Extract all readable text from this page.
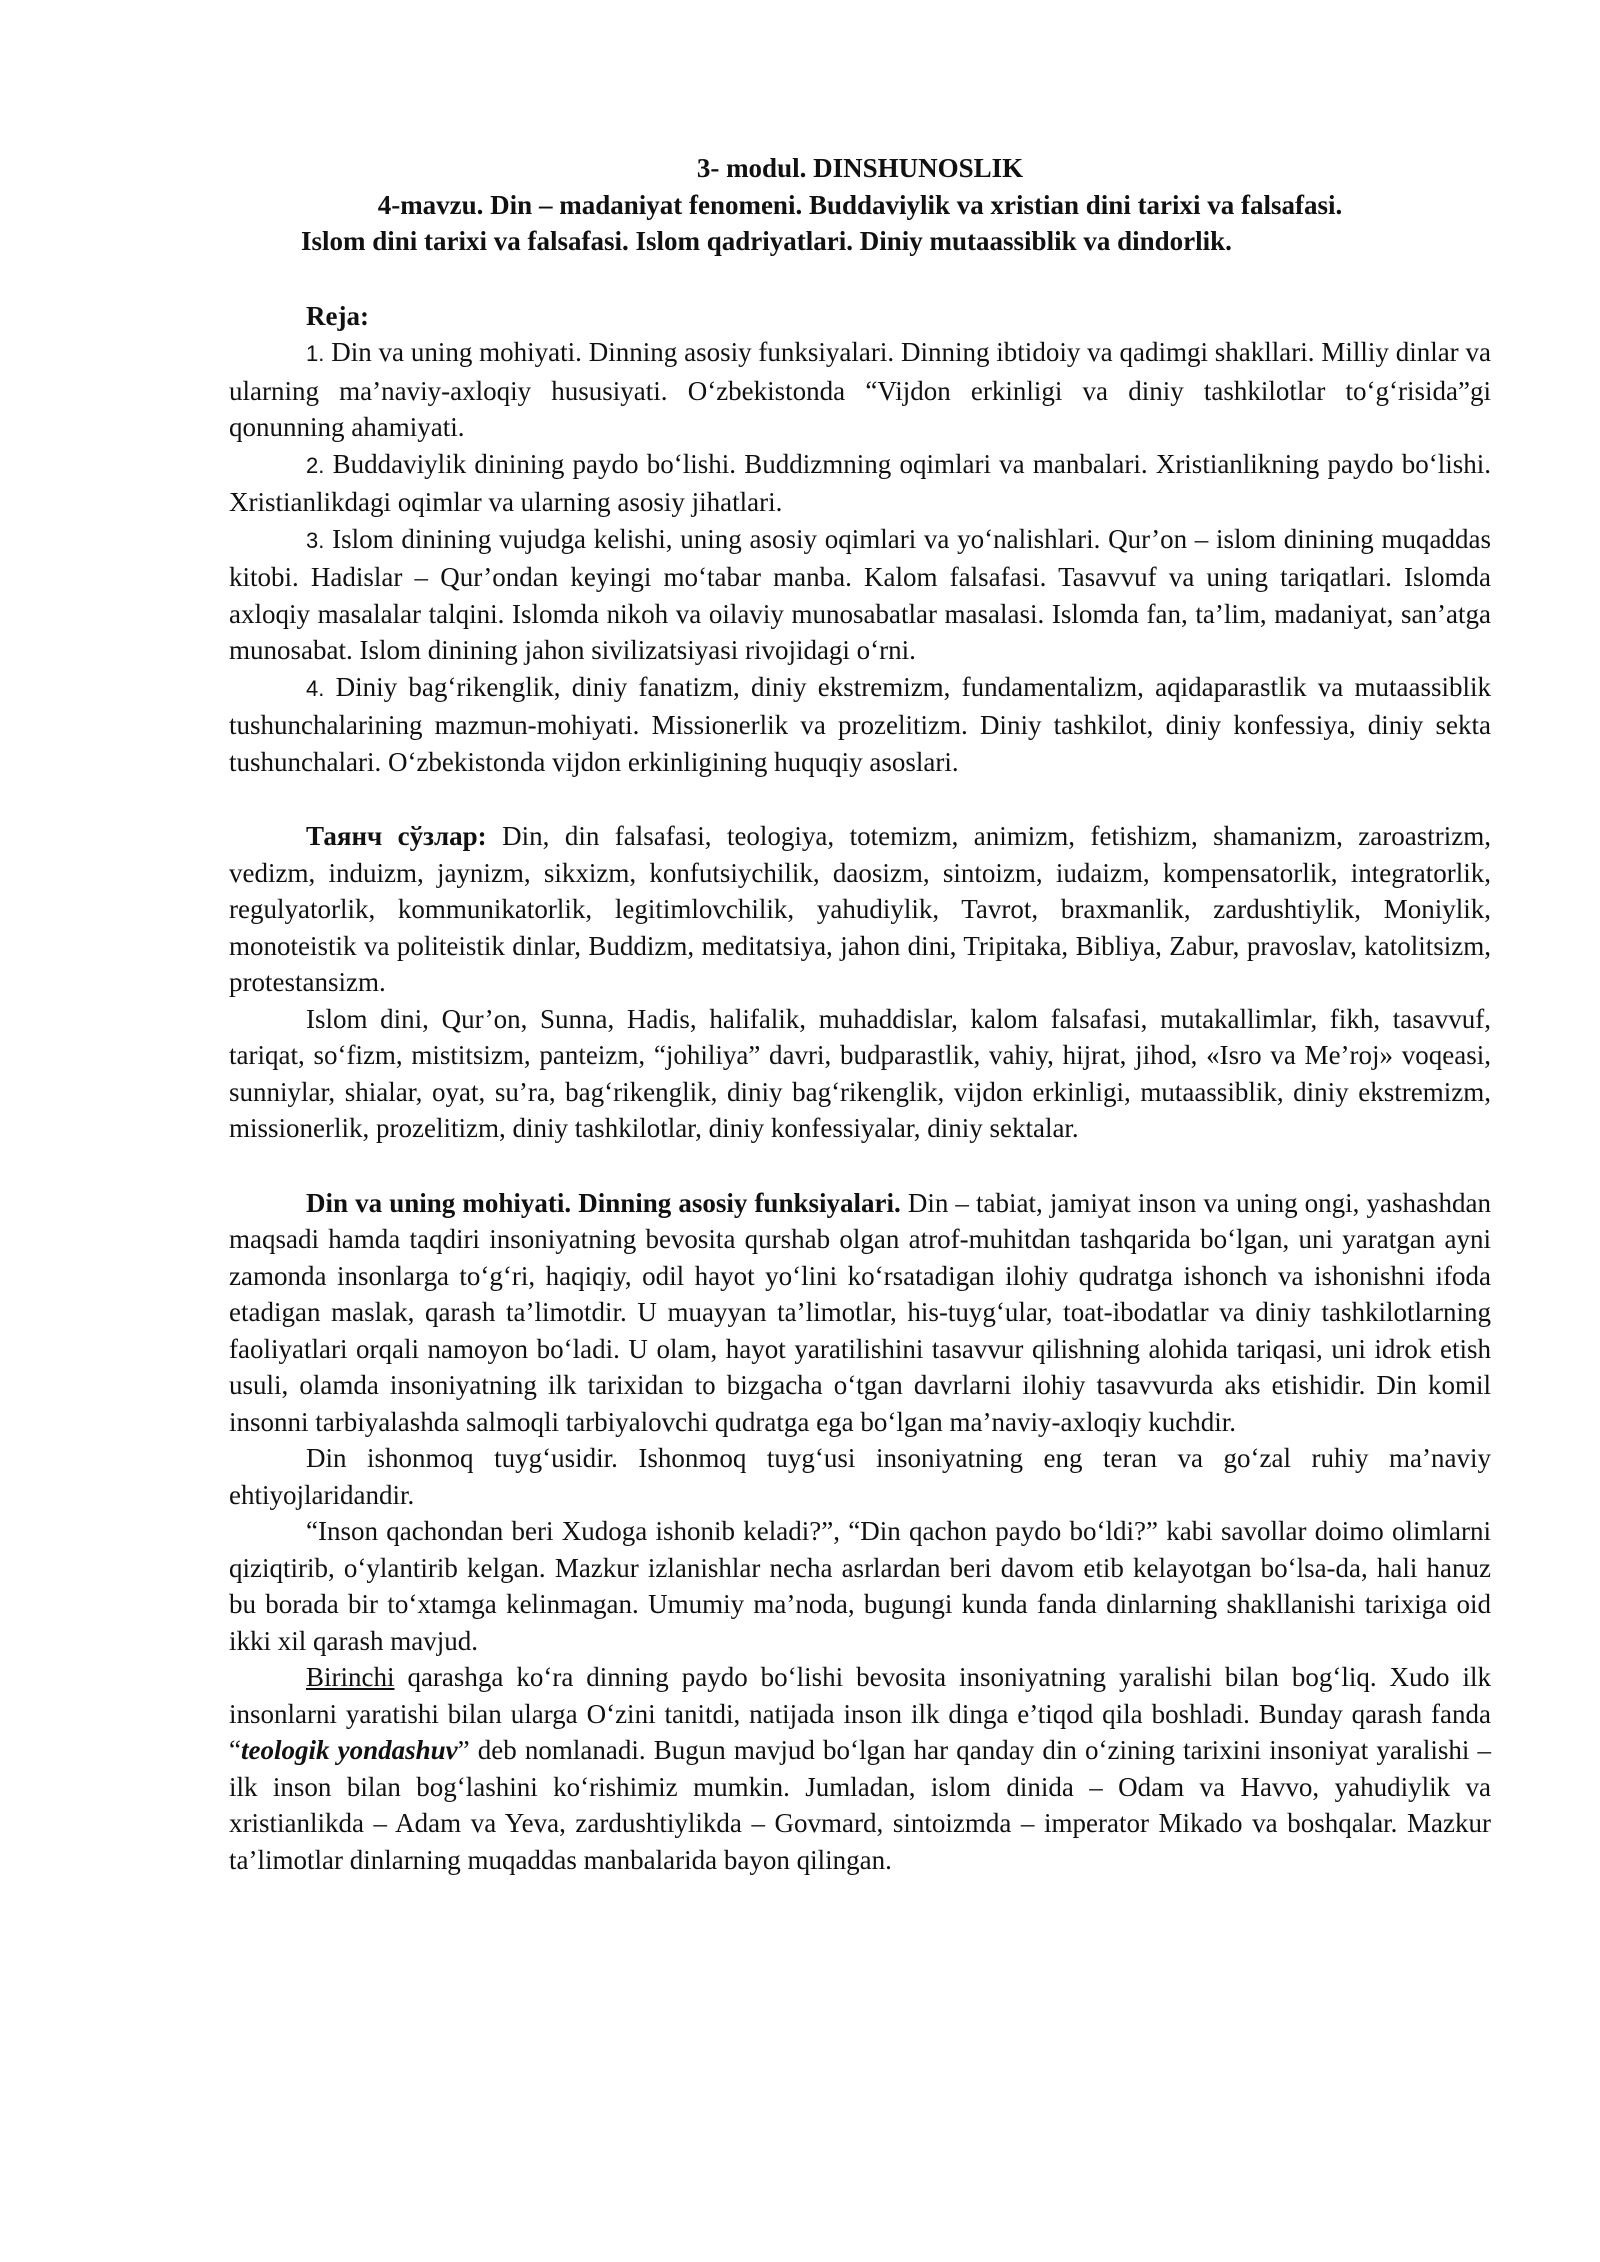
3- modul. DINSHUNOSLIK
4-mavzu. Din – madaniyat fenomeni. Buddaviylik va xristian dini tarixi va falsafasi.
Islom dini tarixi va falsafasi. Islom qadriyatlari. Diniy mutaassiblik va dindorlik.
Reja:

1. Din va uning mohiyati. Dinning asosiy funksiyalari. Dinning ibtidoiy va qadimgi shakllari. Milliy dinlar va ularning ma’naviy-axloqiy hususiyati. O‘zbekistonda “Vijdon erkinligi va diniy tashkilotlar to‘g‘risida”gi qonunning ahamiyati.

2. Buddaviylik dinining paydo bo‘lishi. Buddizmning oqimlari va manbalari. Xristianlikning paydo bo‘lishi. Xristianlikdagi oqimlar va ularning asosiy jihatlari.

3. Islom dinining vujudga kelishi, uning asosiy oqimlari va yo‘nalishlari. Qur’on – islom dinining muqaddas kitobi. Hadislar – Qur’ondan keyingi mo‘tabar manba. Kalom falsafasi. Tasavvuf va uning tariqatlari. Islomda axloqiy masalalar talqini. Islomda nikoh va oilaviy munosabatlar masalasi. Islomda fan, ta’lim, madaniyat, san’atga munosabat. Islom dinining jahon sivilizatsiyasi rivojidagi o‘rni.

4. Diniy bag‘rikenglik, diniy fanatizm, diniy ekstremizm, fundamentalizm, aqidaparastlik va mutaassiblik tushunchalarining mazmun-mohiyati. Missionerlik va prozelitizm. Diniy tashkilot, diniy konfessiya, diniy sekta tushunchalari. O‘zbekistonda vijdon erkinligining huquqiy asoslari.

Таянч сўзлар: Din, din falsafasi, teologiya, totemizm, animizm, fetishizm, shamanizm, zaroastrizm, vedizm, induizm, jaynizm, sikxizm, konfutsiychilik, daosizm, sintoizm, iudaizm, kompensatorlik, integratorlik, regulyatorlik, kommunikatorlik, legitimlovchilik, yahudiylik, Tavrot, braxmanlik, zardushtiylik, Moniylik, monoteistik va politeistik dinlar, Buddizm, meditatsiya, jahon dini, Tripitaka, Bibliya, Zabur, pravoslav, katolitsizm, protestansizm.

Islom dini, Qur’on, Sunna, Hadis, halifalik, muhaddislar, kalom falsafasi, mutakallimlar, fikh, tasavvuf, tariqat, so‘fizm, mistitsizm, panteizm, “johiliya” davri, budparastlik, vahiy, hijrat, jihod, «Isro va Me’roj» voqeasi, sunniylar, shialar, oyat, su’ra, bag‘rikenglik, diniy bag‘rikenglik, vijdon erkinligi, mutaassiblik, diniy ekstremizm, missionerlik, prozelitizm, diniy tashkilotlar, diniy konfessiyalar, diniy sektalar.

Din va uning mohiyati. Dinning asosiy funksiyalari. Din – tabiat, jamiyat inson va uning ongi, yashashdan maqsadi hamda taqdiri insoniyatning bevosita qurshab olgan atrof-muhitdan tashqarida bo‘lgan, uni yaratgan ayni zamonda insonlarga to‘g‘ri, haqiqiy, odil hayot yo‘lini ko‘rsatadigan ilohiy qudratga ishonch va ishonishni ifoda etadigan maslak, qarash ta’limotdir. U muayyan ta’limotlar, his-tuyg‘ular, toat-ibodatlar va diniy tashkilotlarning faoliyatlari orqali namoyon bo‘ladi. U olam, hayot yaratilishini tasavvur qilishning alohida tariqasi, uni idrok etish usuli, olamda insoniyatning ilk tarixidan to bizgacha o‘tgan davrlarni ilohiy tasavvurda aks etishidir. Din komil insonni tarbiyalashda salmoqli tarbiyalovchi qudratga ega bo‘lgan ma’naviy-axloqiy kuchdir.

Din ishonmoq tuyg‘usidir. Ishonmoq tuyg‘usi insoniyatning eng teran va go‘zal ruhiy ma’naviy ehtiyojlaridandir.

“Inson qachondan beri Xudoga ishonib keladi?”, “Din qachon paydo bo‘ldi?” kabi savollar doimo olimlarni qiziqtirib, o‘ylantirib kelgan. Mazkur izlanishlar necha asrlardan beri davom etib kelayotgan bo‘lsa-da, hali hanuz bu borada bir to‘xtamga kelinmagan. Umumiy ma’noda, bugungi kunda fanda dinlarning shakllanishi tarixiga oid ikki xil qarash mavjud.

Birinchi qarashga ko‘ra dinning paydo bo‘lishi bevosita insoniyatning yaralishi bilan bog‘liq. Xudo ilk insonlarni yaratishi bilan ularga O‘zini tanitdi, natijada inson ilk dinga e’tiqod qila boshladi. Bunday qarash fanda “teologik yondashuv” deb nomlanadi. Bugun mavjud bo‘lgan har qanday din o‘zining tarixini insoniyat yaralishi – ilk inson bilan bog‘lashini ko‘rishimiz mumkin. Jumladan, islom dinida – Odam va Havvo, yahudiylik va xristianlikda – Adam va Yeva, zardushtiylikda – Govmard, sintoizmda – imperator Mikado va boshqalar. Mazkur ta’limotlar dinlarning muqaddas manbalarida bayon qilingan.
